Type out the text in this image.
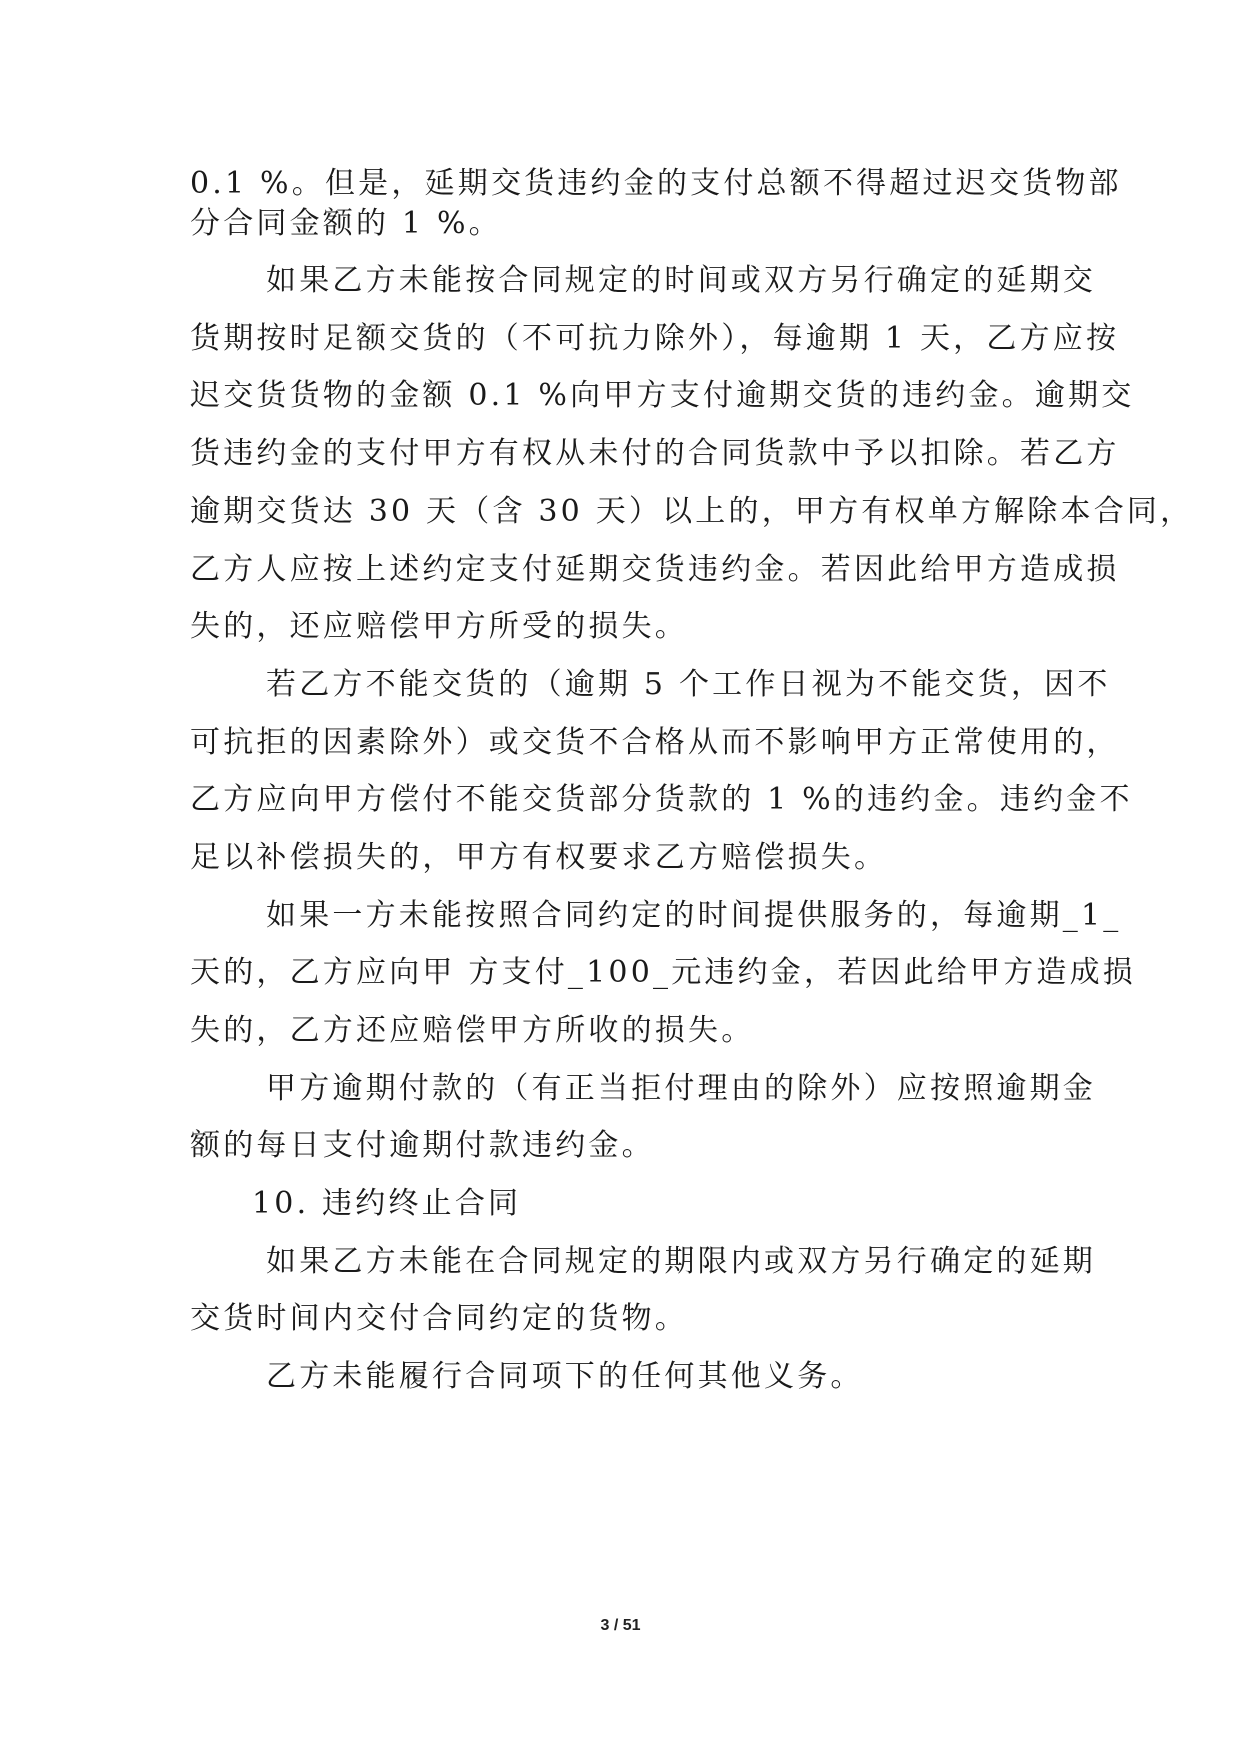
0.1 %。但是，延期交货违约金的支付总额不得超过迟交货物部
分合同金额的 1 %。
如果乙方未能按合同规定的时间或双方另行确定的延期交
货期按时足额交货的（不可抗力除外），每逾期 1 天，乙方应按
迟交货货物的金额 0.1 %向甲方支付逾期交货的违约金。逾期交
货违约金的支付甲方有权从未付的合同货款中予以扣除。若乙方
逾期交货达 30 天（含 30 天）以上的，甲方有权单方解除本合同，
乙方人应按上述约定支付延期交货违约金。若因此给甲方造成损
失的，还应赔偿甲方所受的损失。
若乙方不能交货的（逾期 5 个工作日视为不能交货，因不
可抗拒的因素除外）或交货不合格从而不影响甲方正常使用的，
乙方应向甲方偿付不能交货部分货款的 1 %的违约金。违约金不
足以补偿损失的，甲方有权要求乙方赔偿损失。
如果一方未能按照合同约定的时间提供服务的，每逾期_1_
天的，乙方应向甲 方支付_100_元违约金，若因此给甲方造成损
失的，乙方还应赔偿甲方所收的损失。
甲方逾期付款的（有正当拒付理由的除外）应按照逾期金
额的每日支付逾期付款违约金。
10. 违约终止合同
如果乙方未能在合同规定的期限内或双方另行确定的延期
交货时间内交付合同约定的货物。
乙方未能履行合同项下的任何其他义务。
3 / 51
